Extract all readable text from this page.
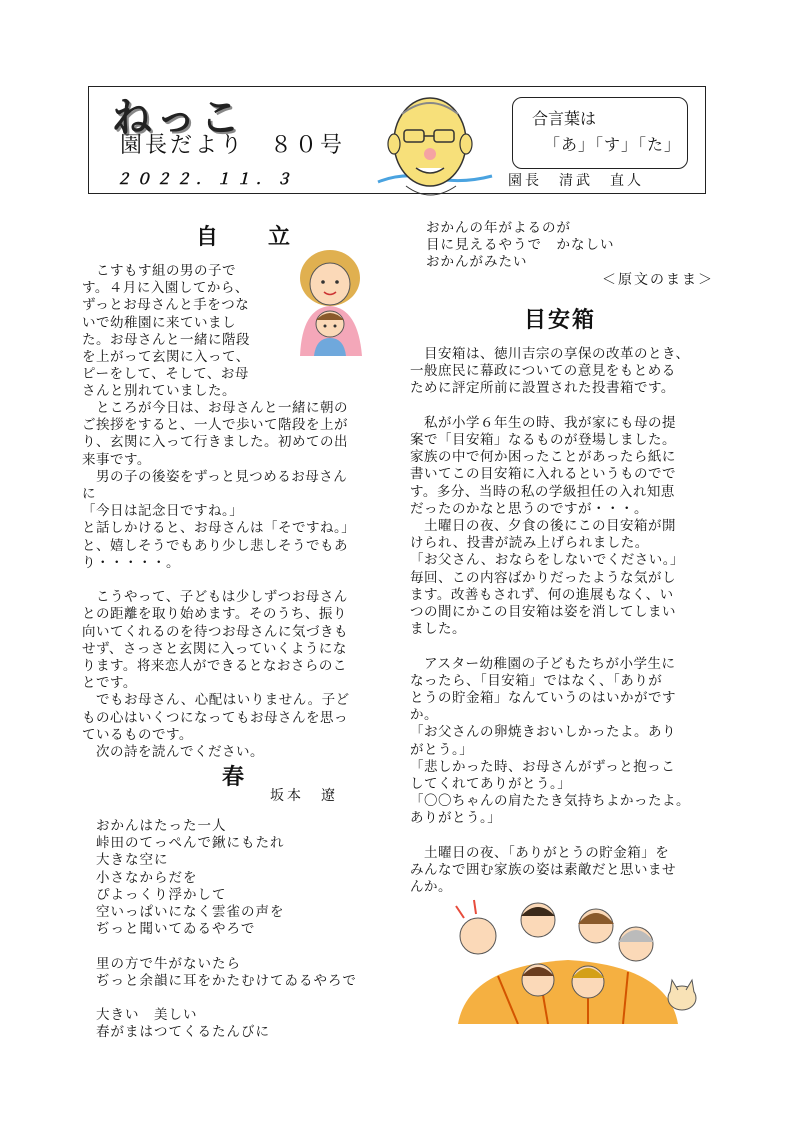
ねっこ
園長だより　８０号
２０２２．１１．３
合言葉は
「あ」「す」「た」
園長　清武　直人
自　立
　こすもす組の男の子で
す。４月に入園してから、
ずっとお母さんと手をつな
いで幼稚園に来ていまし
た。お母さんと一緒に階段
を上がって玄関に入って、
ピーをして、そして、お母
さんと別れていました。
　ところが今日は、お母さんと一緒に朝の
ご挨拶をすると、一人で歩いて階段を上が
り、玄関に入って行きました。初めての出
来事です。
　男の子の後姿をずっと見つめるお母さん
に
「今日は記念日ですね。」
と話しかけると、お母さんは「そですね。」
と、嬉しそうでもあり少し悲しそうでもあ
り・・・・・。

　こうやって、子どもは少しずつお母さん
との距離を取り始めます。そのうち、振り
向いてくれるのを待つお母さんに気づきも
せず、さっさと玄関に入っていくようにな
ります。将来恋人ができるとなおさらのこ
とです。
　でもお母さん、心配はいりません。子ど
もの心はいくつになってもお母さんを思っ
ているものです。
　次の詩を読んでください。
春
坂本　遼
おかんはたった一人
峠田のてっぺんで鍬にもたれ
大きな空に
小さなからだを
ぴよっくり浮かして
空いっぱいになく雲雀の声を
ぢっと聞いてゐるやろで

里の方で牛がないたら
ぢっと余韻に耳をかたむけてゐるやろで

大きい　美しい
春がまはつてくるたんびに
おかんの年がよるのが
目に見えるやうで　かなしい
おかんがみたい
＜原文のまま＞
目安箱
　目安箱は、徳川吉宗の享保の改革のとき、
一般庶民に幕政についての意見をもとめる
ために評定所前に設置された投書箱です。

　私が小学６年生の時、我が家にも母の提
案で「目安箱」なるものが登場しました。
家族の中で何か困ったことがあったら紙に
書いてこの目安箱に入れるというものでで
す。多分、当時の私の学級担任の入れ知恵
だったのかなと思うのですが・・・。
　土曜日の夜、夕食の後にこの目安箱が開
けられ、投書が読み上げられました。
「お父さん、おならをしないでください。」
毎回、この内容ばかりだったような気がし
ます。改善もされず、何の進展もなく、い
つの間にかこの目安箱は姿を消してしまい
ました。

　アスター幼稚園の子どもたちが小学生に
なったら、「目安箱」ではなく、「ありが
とうの貯金箱」なんていうのはいかがです
か。
「お父さんの卵焼きおいしかったよ。あり
がとう。」
「悲しかった時、お母さんがずっと抱っこ
してくれてありがとう。」
「〇〇ちゃんの肩たたき気持ちよかったよ。
ありがとう。」

　土曜日の夜、「ありがとうの貯金箱」を
みんなで囲む家族の姿は素敵だと思いませ
んか。
